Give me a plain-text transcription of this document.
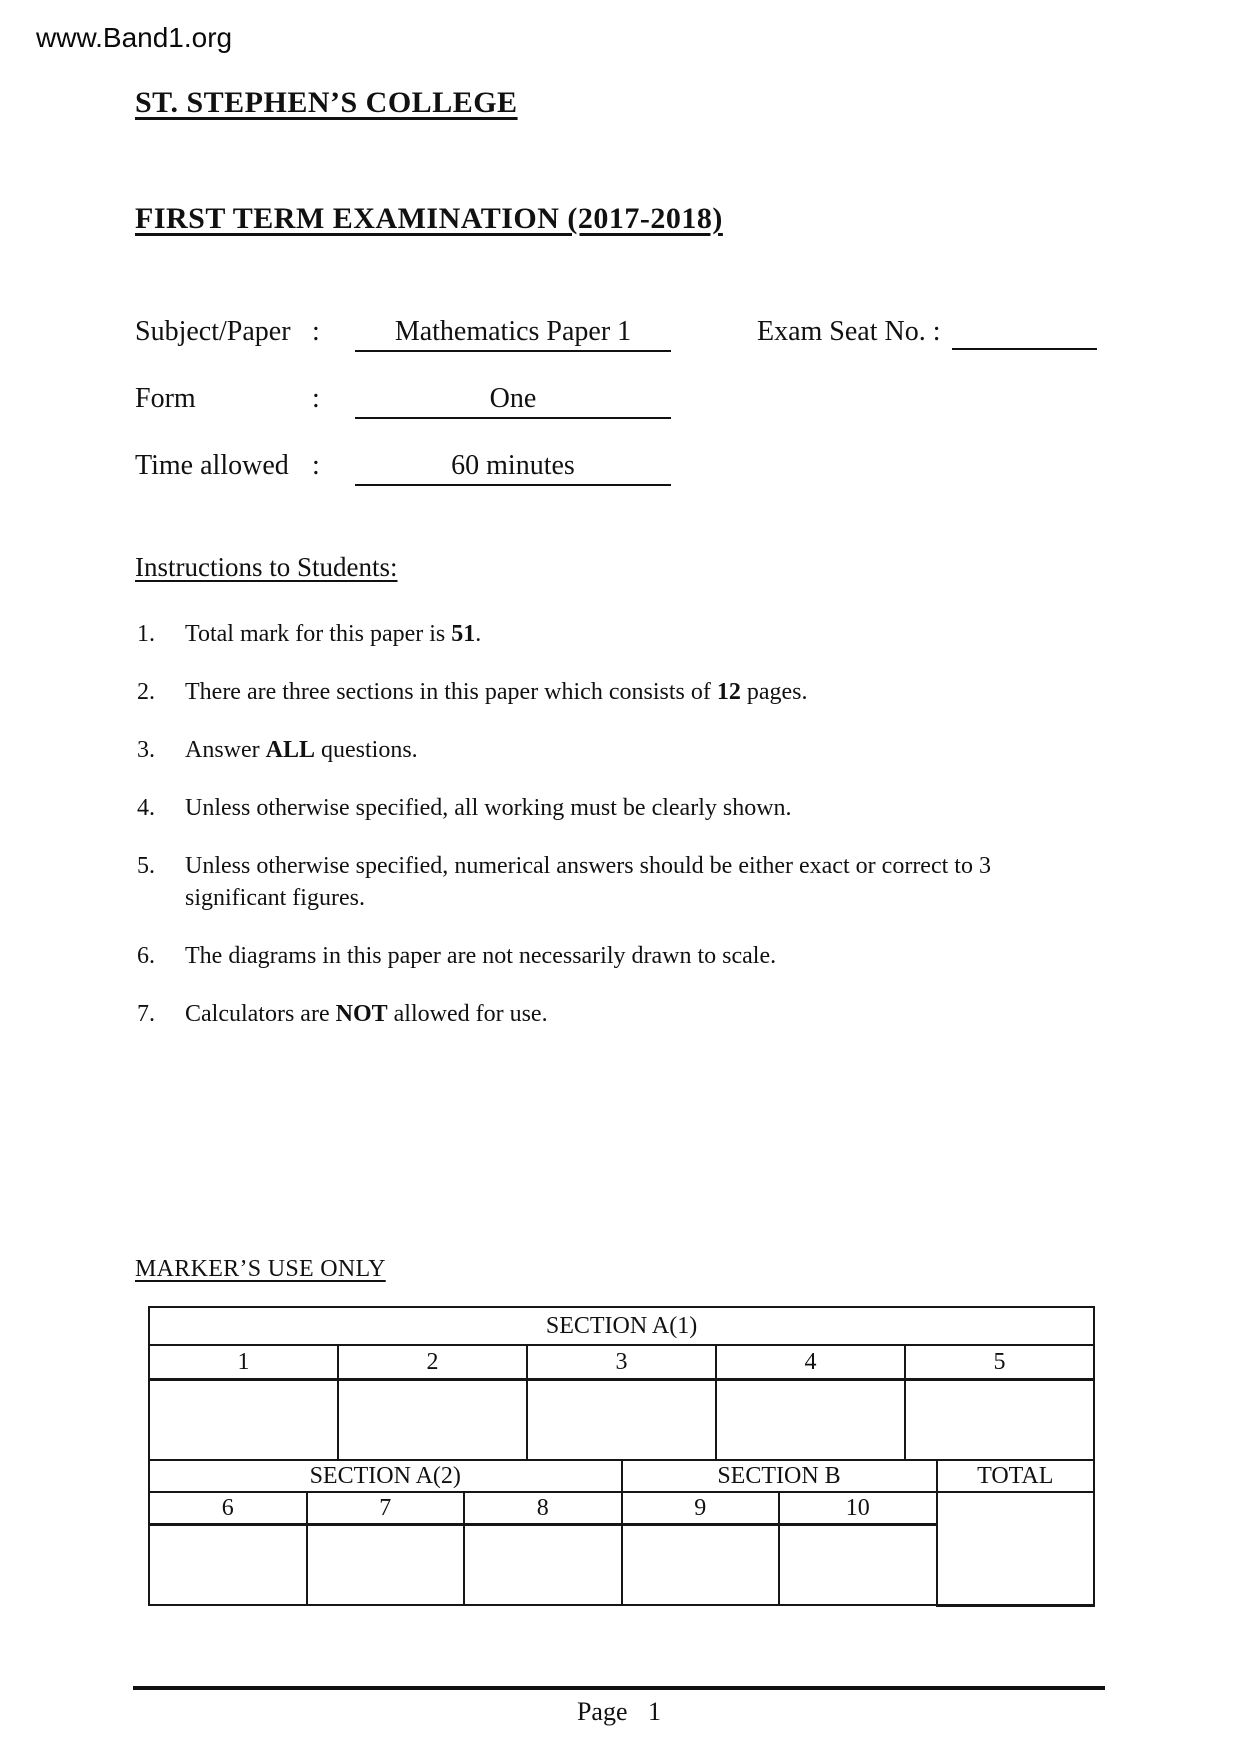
www.Band1.org
ST. STEPHEN’S COLLEGE
FIRST TERM EXAMINATION (2017-2018)
Subject/Paper :	Mathematics Paper 1	Exam Seat No. :
Form	:	One
Time allowed :	60 minutes
Instructions to Students:
1. Total mark for this paper is 51.
2. There are three sections in this paper which consists of 12 pages.
3. Answer ALL questions.
4. Unless otherwise specified, all working must be clearly shown.
5. Unless otherwise specified, numerical answers should be either exact or correct to 3
significant figures.
6. The diagrams in this paper are not necessarily drawn to scale.
7. Calculators are NOT allowed for use.
MARKER’S USE ONLY
SECTION A(1)									
1		2		3		4		5	

SECTION A(2)					SECTION B				TOTAL
6	7		8		9		10		

Page 1
